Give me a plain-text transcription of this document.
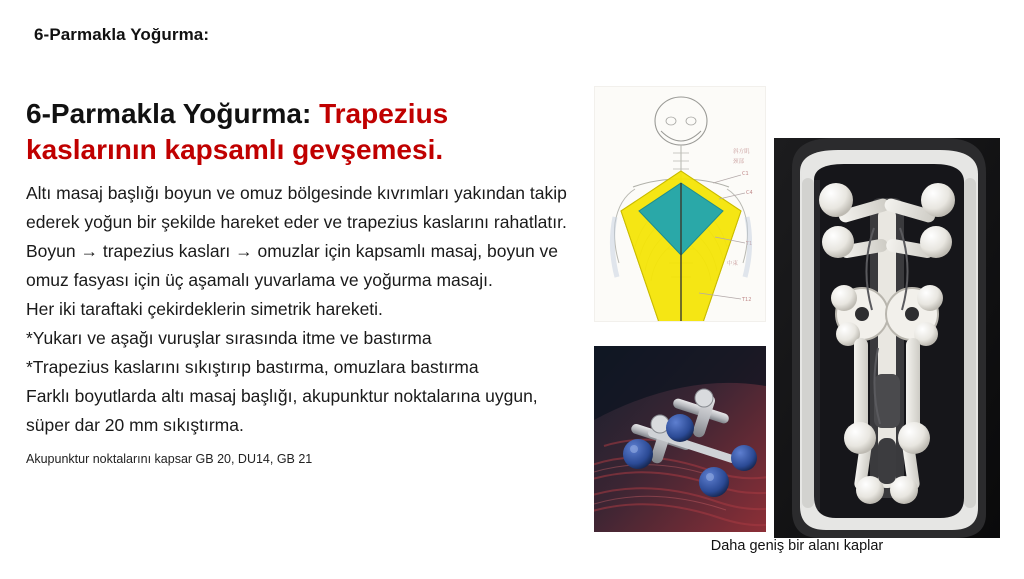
6-Parmakla Yoğurma:
6-Parmakla Yoğurma: Trapezius kaslarının kapsamlı gevşemesi.

Altı masaj başlığı boyun ve omuz bölgesinde kıvrımları yakından takip ederek yoğun bir şekilde hareket eder ve trapezius kaslarını rahatlatır. Boyun → trapezius kasları → omuzlar için kapsamlı masaj, boyun ve omuz fasyası için üç aşamalı yuvarlama ve yoğurma masajı.

Her iki taraftaki çekirdeklerin simetrik hareketi.

*Yukarı ve aşağı vuruşlar sırasında itme ve bastırma

*Trapezius kaslarını sıkıştırıp bastırma, omuzlara bastırma

Farklı boyutlarda altı masaj başlığı, akupunktur noktalarına uygun, süper dar 20 mm sıkıştırma.

Akupunktur noktalarını kapsar GB 20, DU14, GB 21
C1
C4
T1
T12
斜方肌
颈部
中束
Daha geniş bir alanı kaplar
